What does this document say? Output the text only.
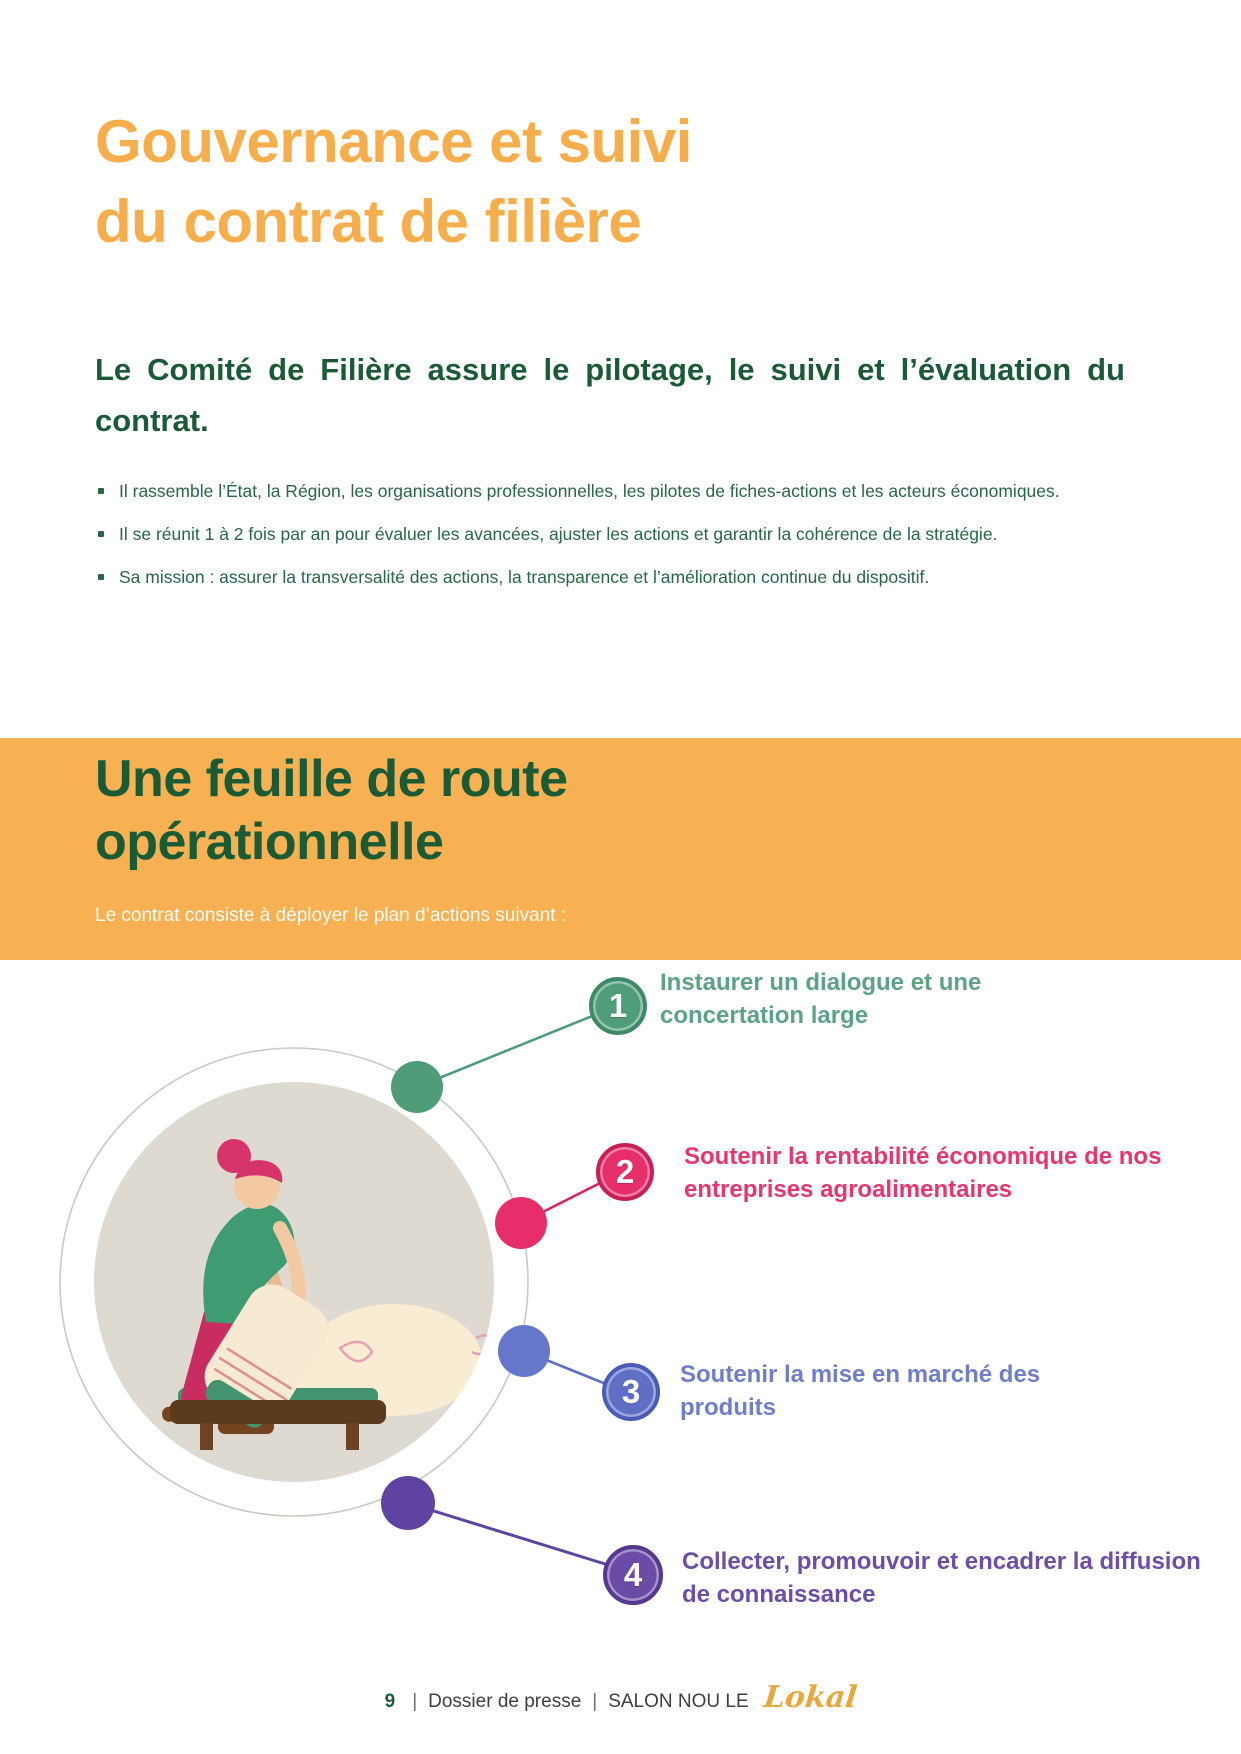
Gouvernance et suivi
du contrat de filière

Le Comité de Filière assure le pilotage, le suivi et l’évaluation du contrat.

Il rassemble l’État, la Région, les organisations professionnelles, les pilotes de fiches-actions et les acteurs économiques.
Il se réunit 1 à 2 fois par an pour évaluer les avancées, ajuster les actions et garantir la cohérence de la stratégie.
Sa mission : assurer la transversalité des actions, la transparence et l’amélioration continue du dispositif.
Une feuille de route
opérationnelle

Le contrat consiste à déployer le plan d’actions suivant :

1
2
3
4
Instaurer un dialogue et une concertation large
Soutenir la rentabilité économique de nos entreprises agroalimentaires
Soutenir la mise en marché des produits
Collecter, promouvoir et encadrer la diffusion de connaissance
9 | Dossier de presse | SALON NOU LE Lokal
